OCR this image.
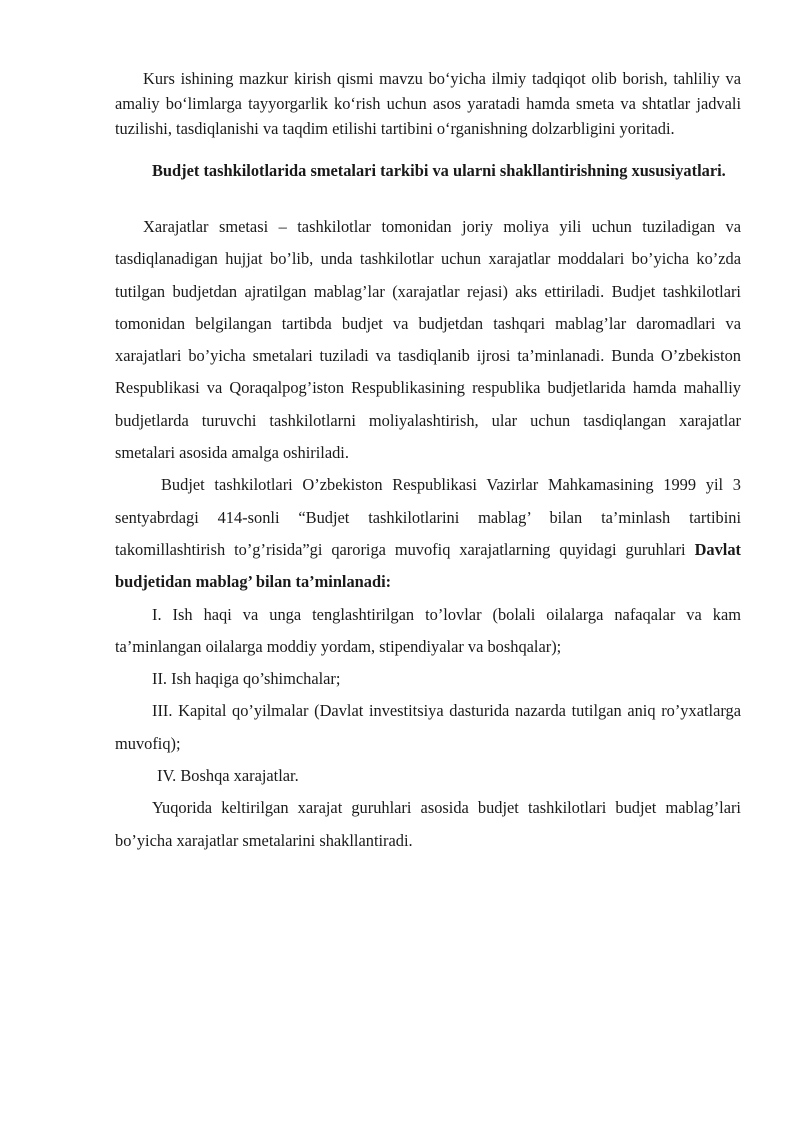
Kurs ishining mazkur kirish qismi mavzu bo‘yicha ilmiy tadqiqot olib borish, tahliliy va amaliy bo‘limlarga tayyorgarlik ko‘rish uchun asos yaratadi hamda smeta va shtatlar jadvali tuzilishi, tasdiqlanishi va taqdim etilishi tartibini o‘rganishning dolzarbligini yoritadi.

Budjet tashkilotlarida smetalari tarkibi va ularni shakllantirishning xususiyatlari.

Xarajatlar smetasi – tashkilotlar tomonidan joriy moliya yili uchun tuziladigan va tasdiqlanadigan hujjat bo’lib, unda tashkilotlar uchun xarajatlar moddalari bo’yicha ko’zda tutilgan budjetdan ajratilgan mablag’lar (xarajatlar rejasi) aks ettiriladi. Budjet tashkilotlari tomonidan belgilangan tartibda budjet va budjetdan tashqari mablag’lar daromadlari va xarajatlari bo’yicha smetalari tuziladi va tasdiqlanib ijrosi ta’minlanadi. Bunda O’zbekiston Respublikasi va Qoraqalpog’iston Respublikasining respublika budjetlarida hamda mahalliy budjetlarda turuvchi tashkilotlarni moliyalashtirish, ular uchun tasdiqlangan xarajatlar smetalari asosida amalga oshiriladi.

Budjet tashkilotlari O’zbekiston Respublikasi Vazirlar Mahkamasining 1999 yil 3 sentyabrdagi 414-sonli “Budjet tashkilotlarini mablag’ bilan ta’minlash tartibini takomillashtirish to’g’risida”gi qaroriga muvofiq xarajatlarning quyidagi guruhlari Davlat budjetidan mablag’ bilan ta’minlanadi:

I. Ish haqi va unga tenglashtirilgan to’lovlar (bolali oilalarga nafaqalar va kam ta’minlangan oilalarga moddiy yordam, stipendiyalar va boshqalar);

II. Ish haqiga qo’shimchalar;

III. Kapital qo’yilmalar (Davlat investitsiya dasturida nazarda tutilgan aniq ro’yxatlarga muvofiq);

IV. Boshqa xarajatlar.

Yuqorida keltirilgan xarajat guruhlari asosida budjet tashkilotlari budjet mablag’lari bo’yicha xarajatlar smetalarini shakllantiradi.
